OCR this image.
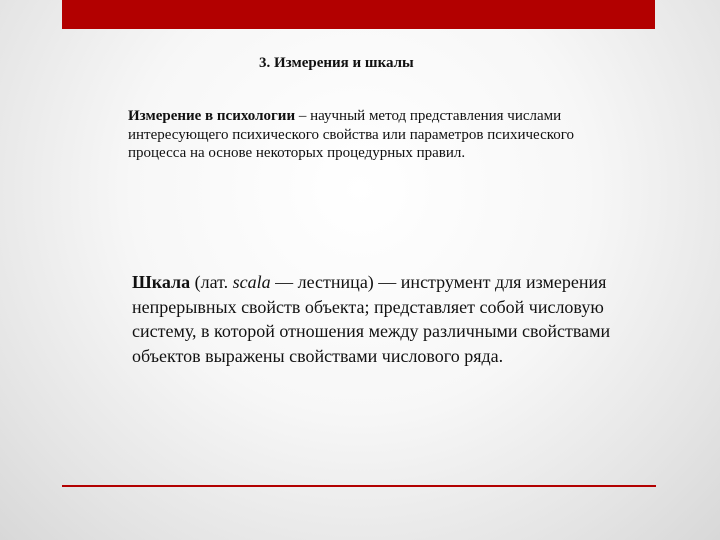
3. Измерения и шкалы

Измерение в психологии – научный метод представления числами интересующего психического свойства или параметров психического процесса на основе некоторых процедурных правил.

Шкала (лат. scala — лестница) — инструмент для измерения непрерывных свойств объекта; представляет собой числовую систему, в которой отношения между различными свойствами объектов выражены свойствами числового ряда.
